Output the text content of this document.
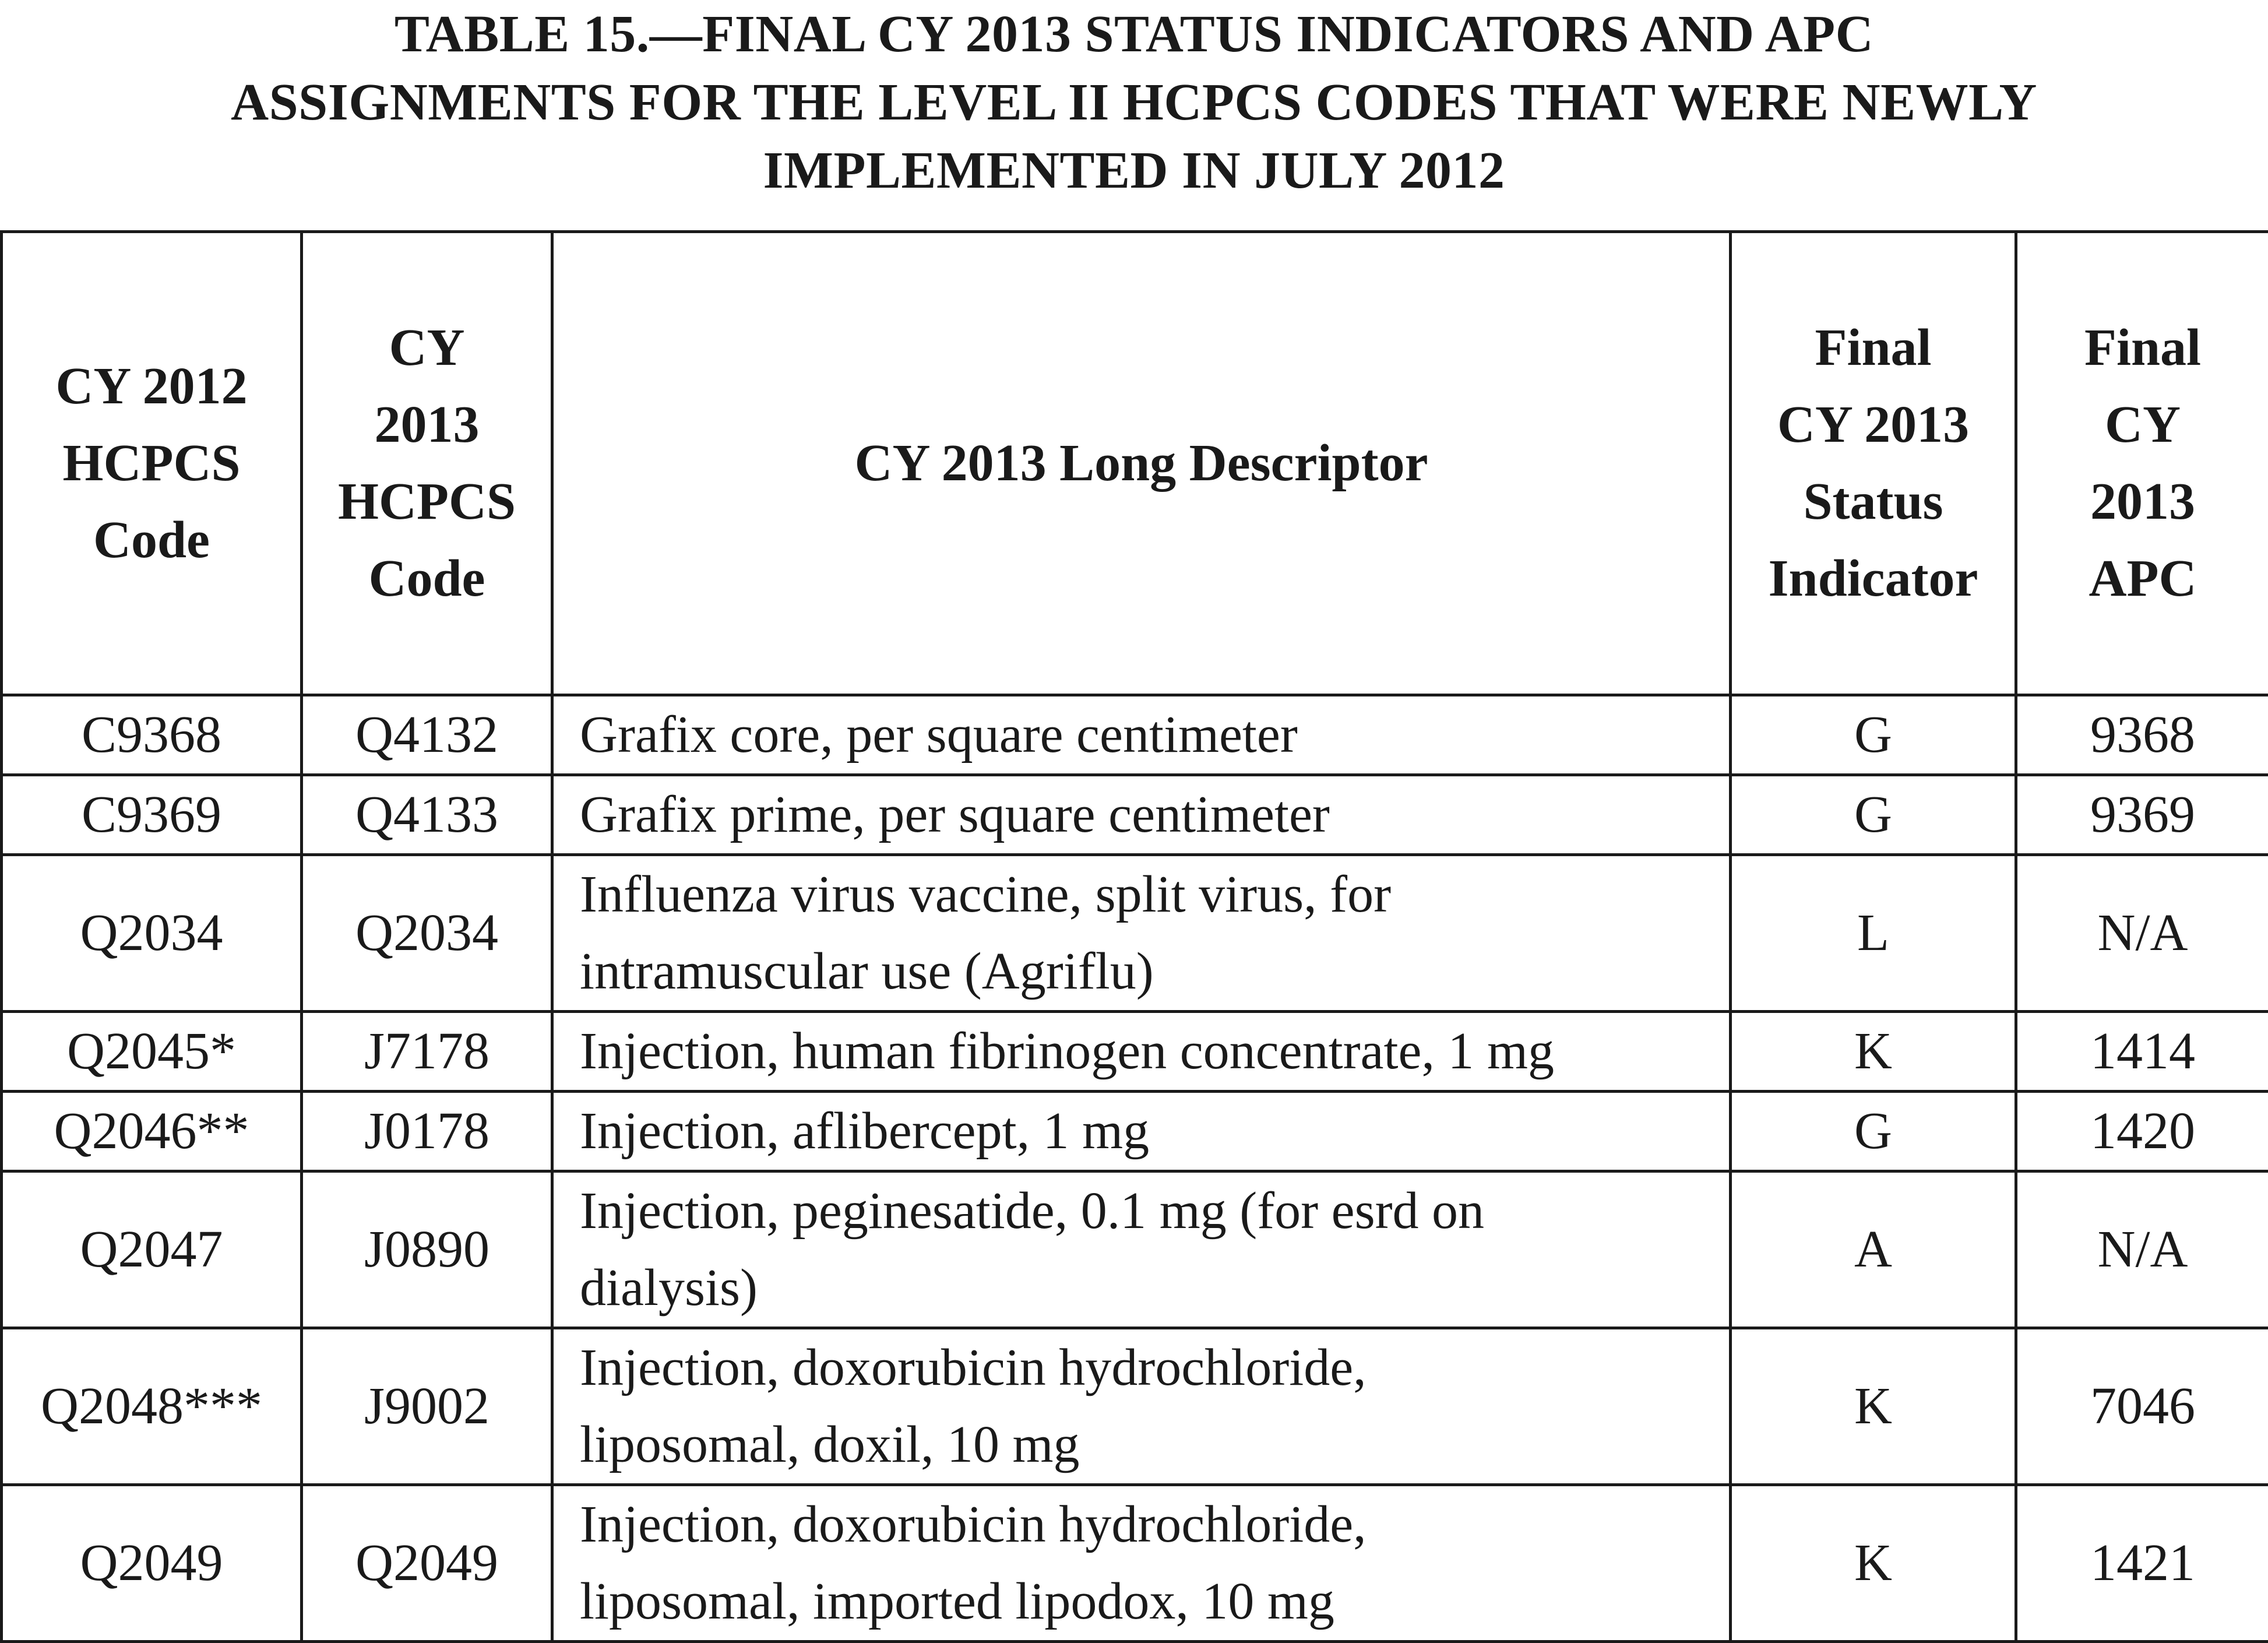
TABLE 15.—FINAL CY 2013 STATUS INDICATORS AND APC
ASSIGNMENTS FOR THE LEVEL II HCPCS CODES THAT WERE NEWLY
IMPLEMENTED IN JULY 2012
CY 2012
HCPCS
Code	CY
2013
HCPCS
Code	CY 2013 Long Descriptor	Final
CY 2013
Status
Indicator	Final
CY
2013
APC

C9368	Q4132	Grafix core, per square centimeter	G	9368
C9369	Q4133	Grafix prime, per square centimeter	G	9369
Q2034	Q2034	Influenza virus vaccine, split virus, for
intramuscular use (Agriflu)	L	N/A
Q2045*	J7178	Injection, human fibrinogen concentrate, 1 mg	K	1414
Q2046**	J0178	Injection, aflibercept, 1 mg	G	1420
Q2047	J0890	Injection, peginesatide, 0.1 mg (for esrd on
dialysis)	A	N/A
Q2048***	J9002	Injection, doxorubicin hydrochloride,
liposomal, doxil, 10 mg	K	7046
Q2049	Q2049	Injection, doxorubicin hydrochloride,
liposomal, imported lipodox, 10 mg	K	1421
